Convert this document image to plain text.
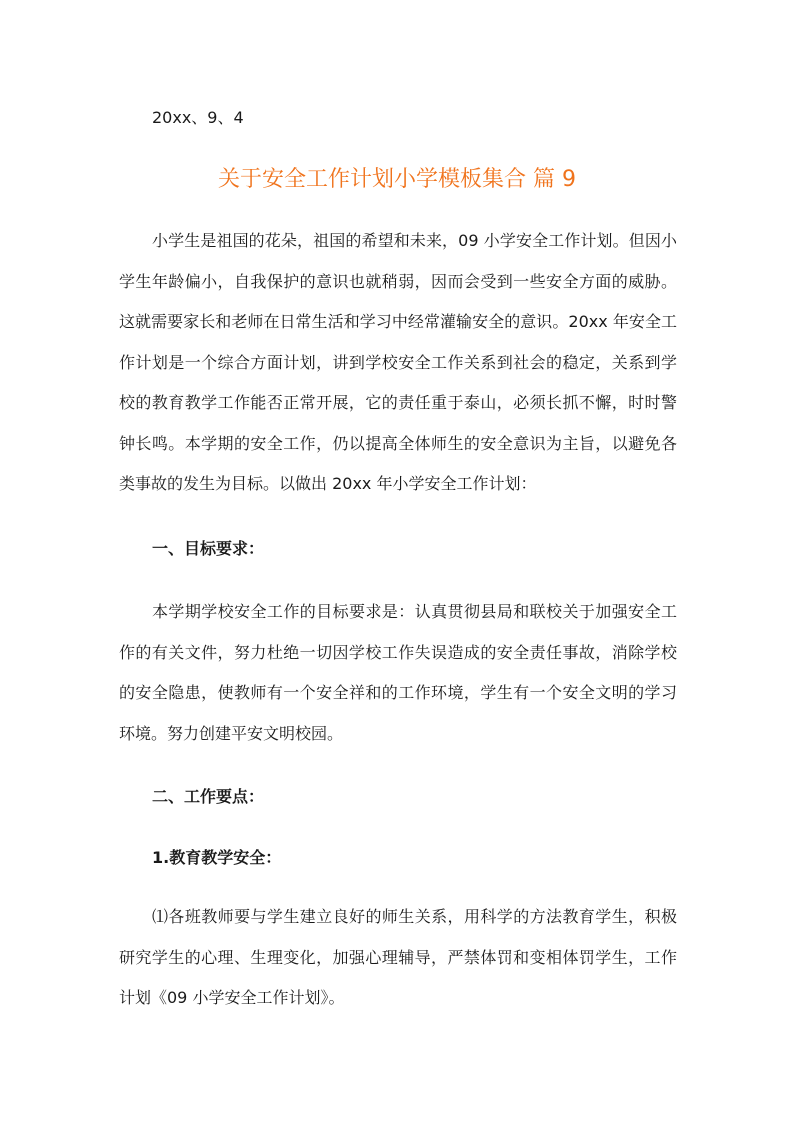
20xx、9、4
关于安全工作计划小学模板集合 篇 9

小学生是祖国的花朵，祖国的希望和未来，09 小学安全工作计划。但因小学生年龄偏小，自我保护的意识也就稍弱，因而会受到一些安全方面的威胁。这就需要家长和老师在日常生活和学习中经常灌输安全的意识。20xx 年安全工作计划是一个综合方面计划，讲到学校安全工作关系到社会的稳定，关系到学校的教育教学工作能否正常开展，它的责任重于泰山，必须长抓不懈，时时警钟长鸣。本学期的安全工作，仍以提高全体师生的安全意识为主旨，以避免各类事故的发生为目标。以做出 20xx 年小学安全工作计划：

一、目标要求：

本学期学校安全工作的目标要求是：认真贯彻县局和联校关于加强安全工作的有关文件，努力杜绝一切因学校工作失误造成的安全责任事故，消除学校的安全隐患，使教师有一个安全祥和的工作环境，学生有一个安全文明的学习环境。努力创建平安文明校园。

二、工作要点：
1.教育教学安全：

⑴各班教师要与学生建立良好的师生关系，用科学的方法教育学生，积极研究学生的心理、生理变化，加强心理辅导，严禁体罚和变相体罚学生，工作计划《09 小学安全工作计划》。
